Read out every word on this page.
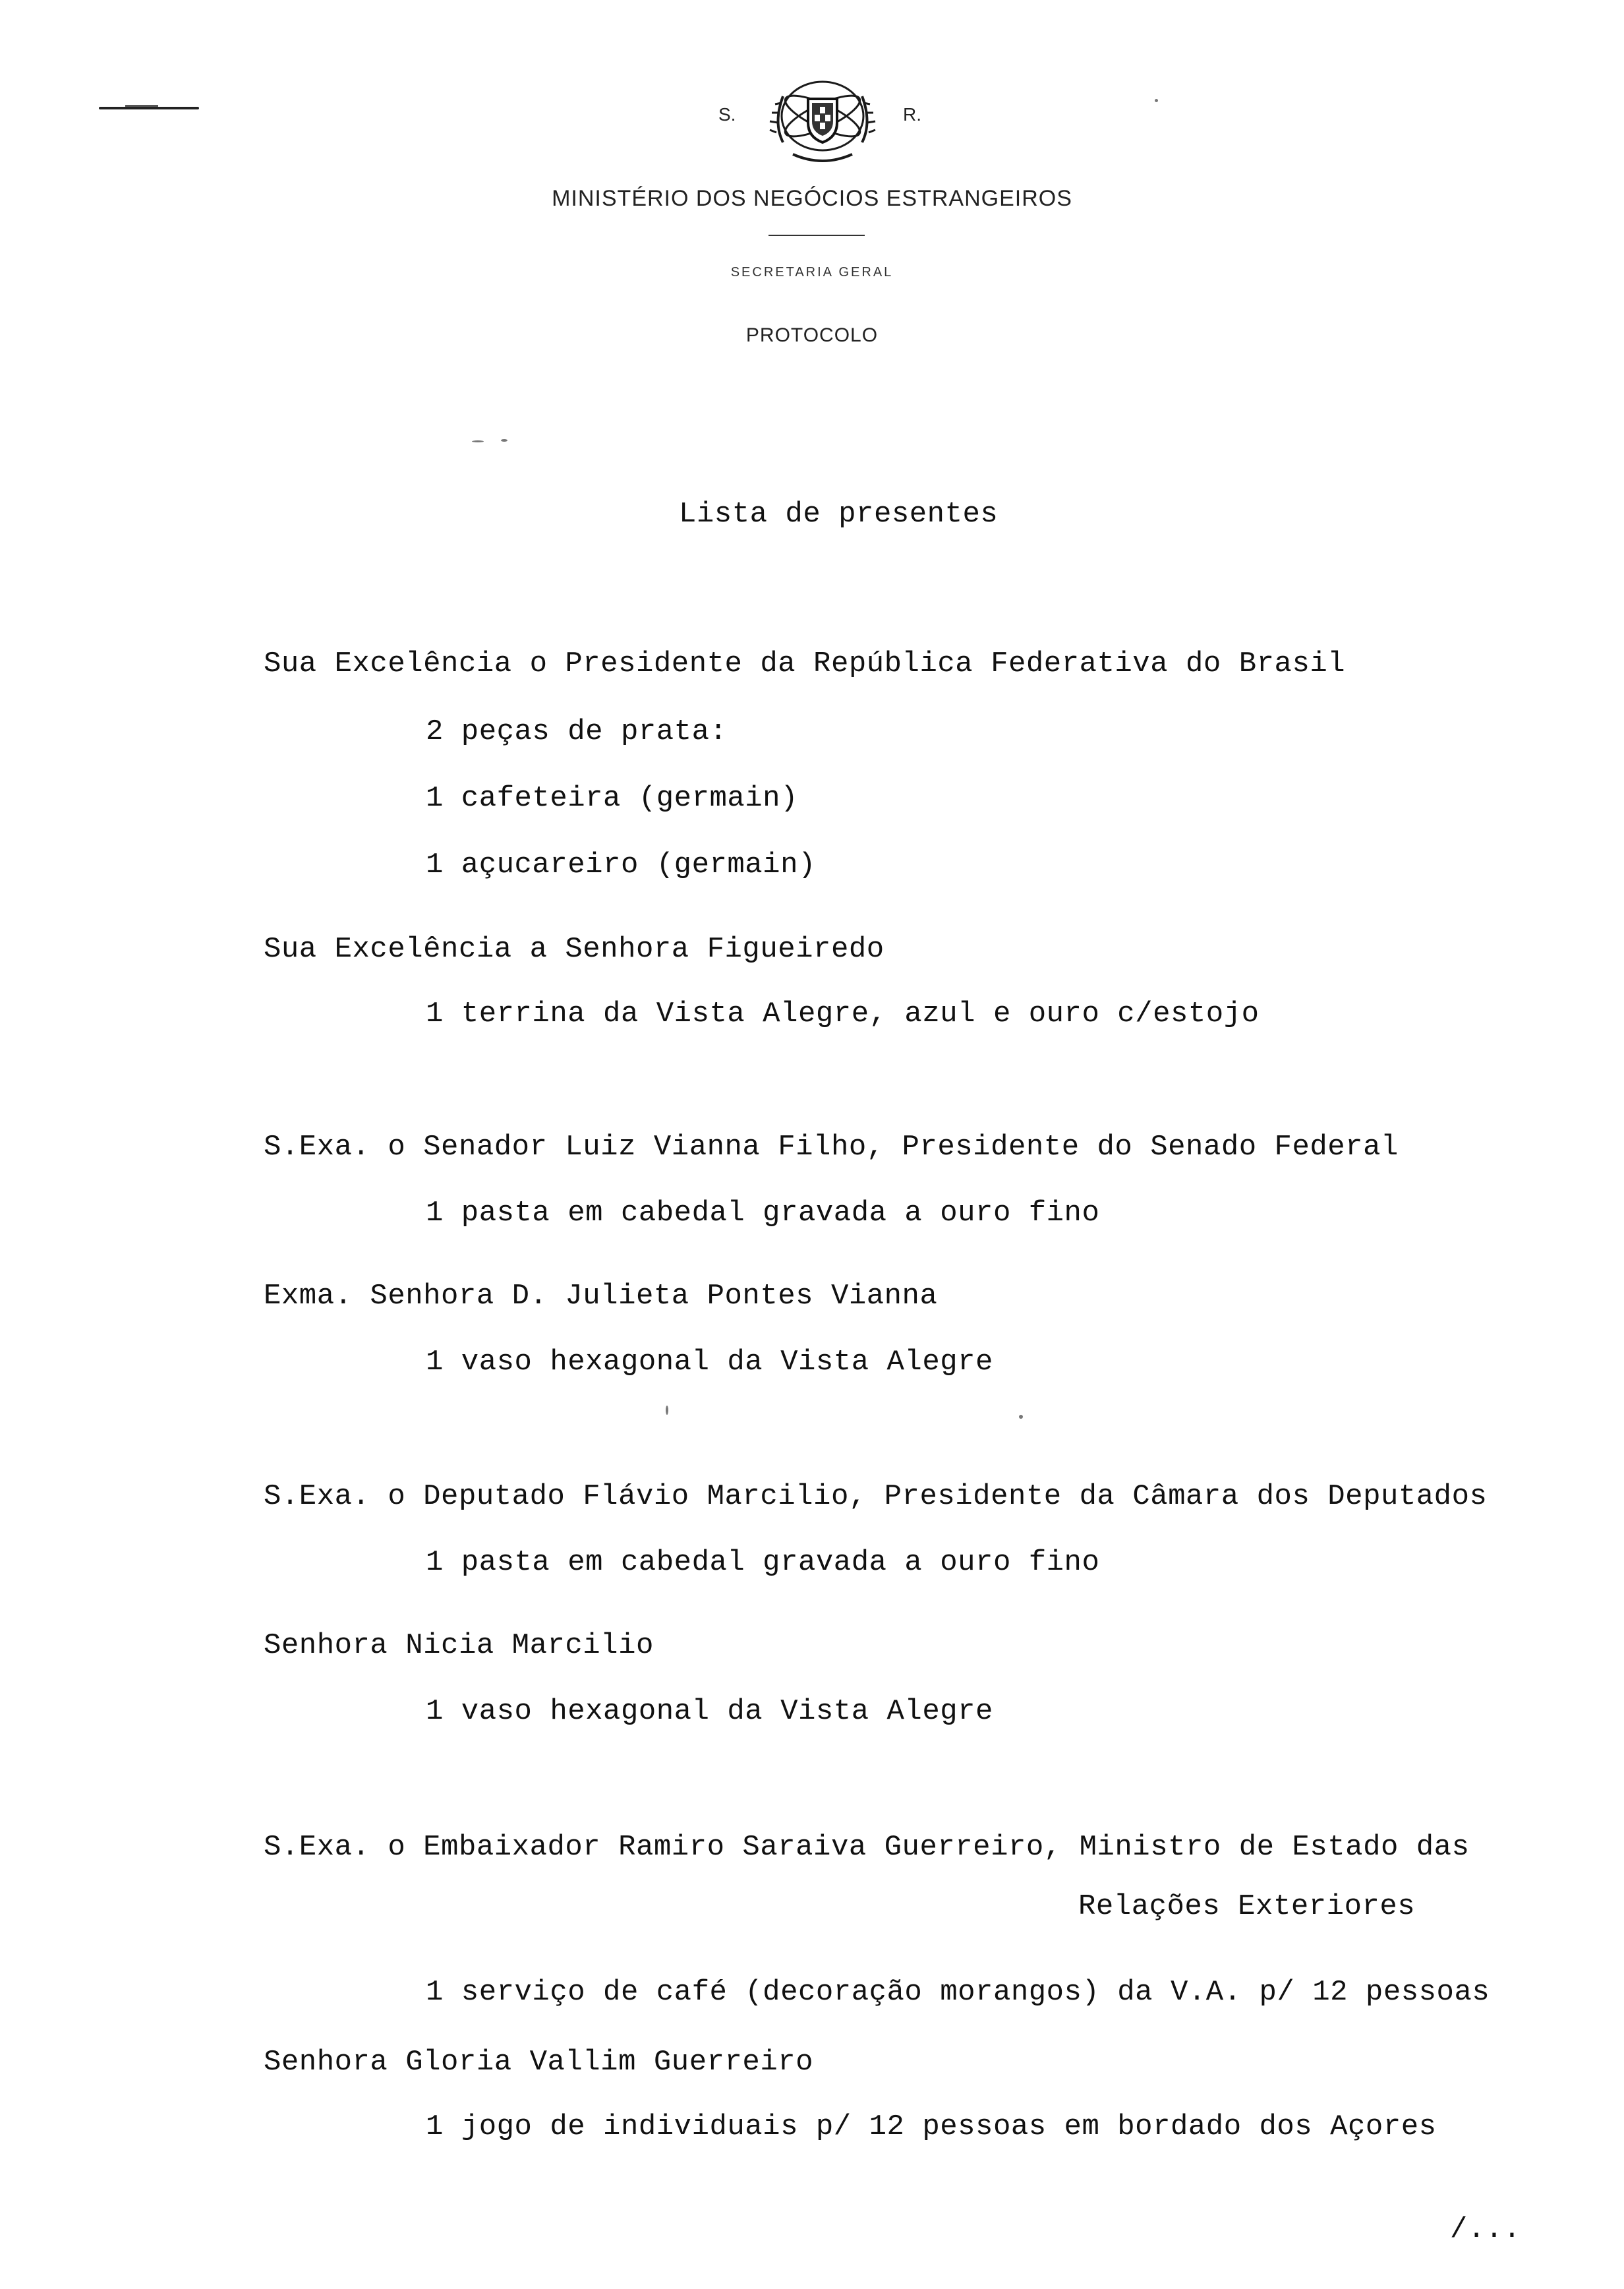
S.	R.
MINISTÉRIO DOS NEGÓCIOS ESTRANGEIROS
SECRETARIA GERAL
PROTOCOLO
Lista de presentes
Sua Excelência o Presidente da República Federativa do Brasil
2 peças de prata:
1 cafeteira (germain)
1 açucareiro (germain)
Sua Excelência a Senhora Figueiredo
1 terrina da Vista Alegre, azul e ouro c/estojo
S.Exa. o Senador Luiz Vianna Filho, Presidente do Senado Federal
1 pasta em cabedal gravada a ouro fino
Exma. Senhora D. Julieta Pontes Vianna
1 vaso hexagonal da Vista Alegre
S.Exa. o Deputado Flávio Marcilio, Presidente da Câmara dos Deputados
1 pasta em cabedal gravada a ouro fino
Senhora Nicia Marcilio
1 vaso hexagonal da Vista Alegre
S.Exa. o Embaixador Ramiro Saraiva Guerreiro, Ministro de Estado das
Relações Exteriores
1 serviço de café (decoração morangos) da V.A. p/ 12 pessoas
Senhora Gloria Vallim Guerreiro
1 jogo de individuais p/ 12 pessoas em bordado dos Açores
/...
